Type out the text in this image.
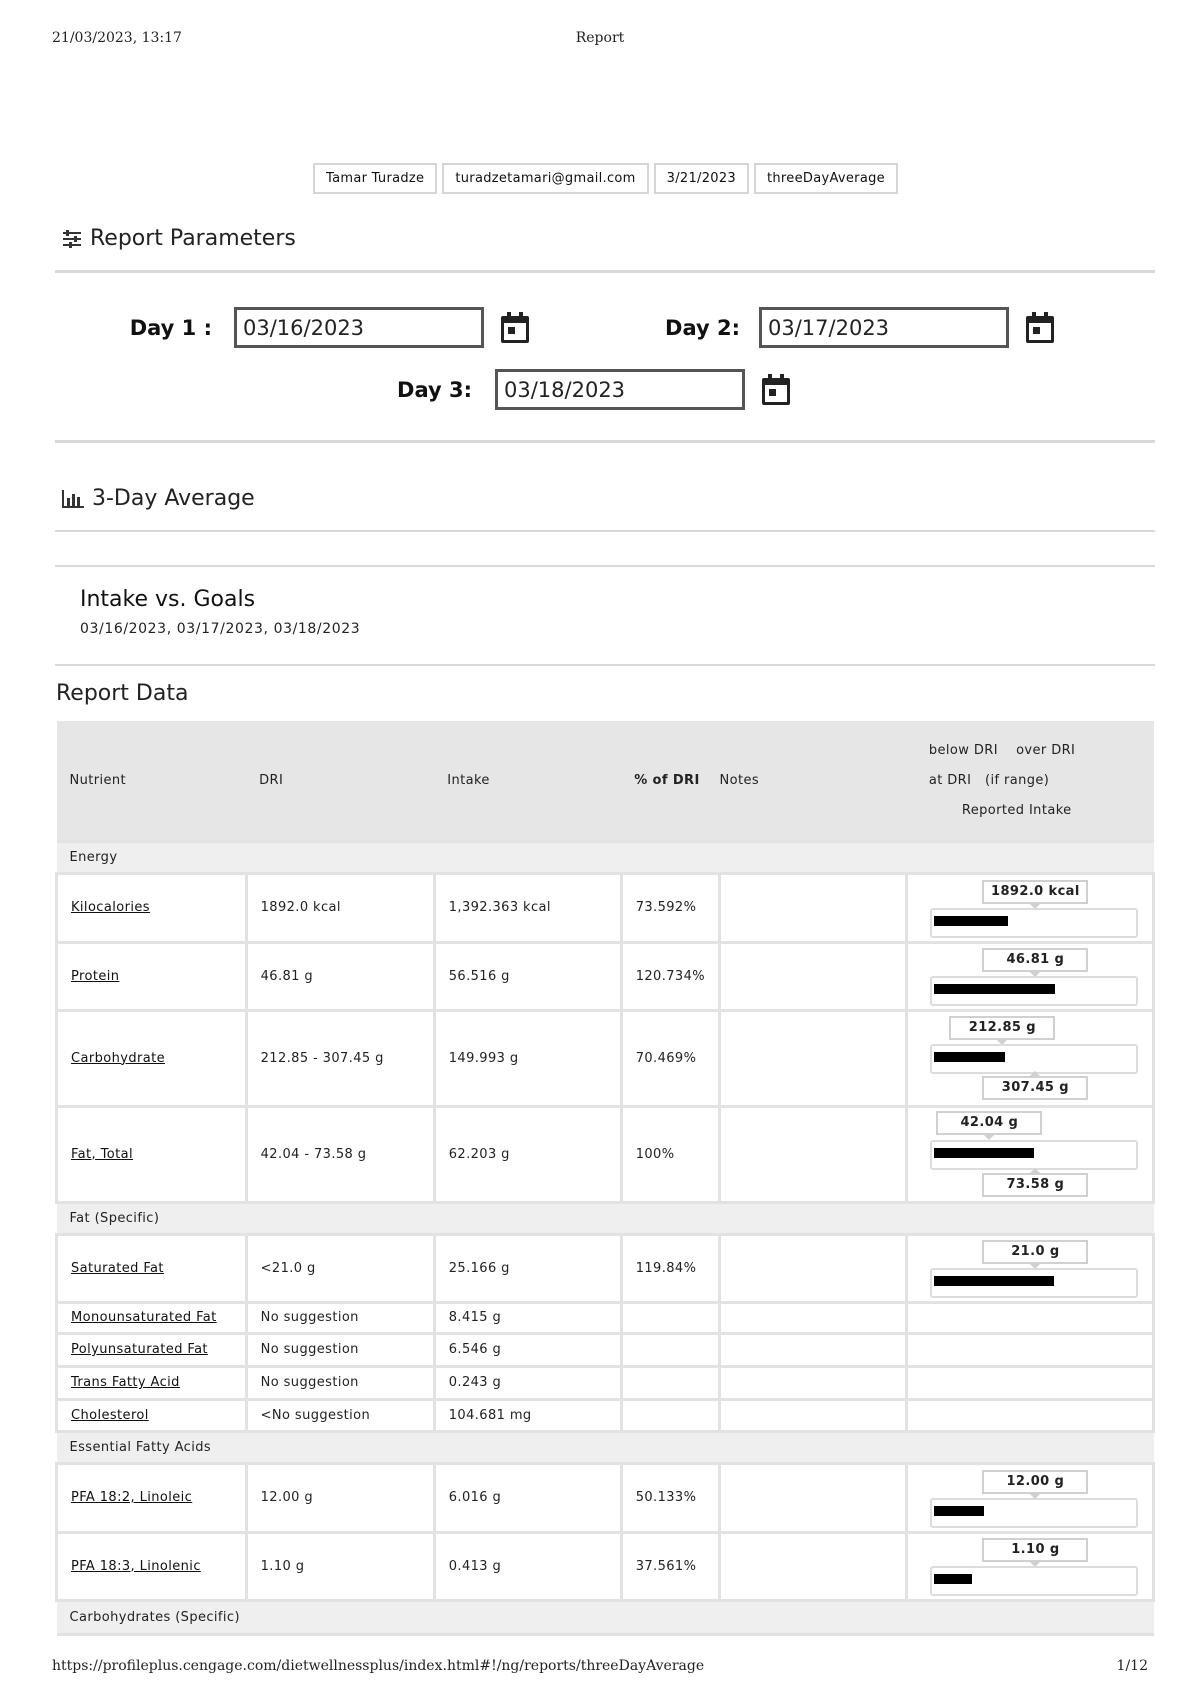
21/03/2023, 13:17	Report
Tamar Turadze	turadzetamari@gmail.com	3/21/2023	threeDayAverage
Report Parameters
Day 1 :
03/16/2023	Day 2:
03/17/2023
Day 3:
03/18/2023
3-Day Average
Intake vs. Goals
03/16/2023, 03/17/2023, 03/18/2023
Report Data
Nutrient	DRI	Intake	% of DRI	Notes	below DRI over DRI
at DRI (if range)
Reported Intake

Energy					
Kilocalories	1892.0 kcal	1,392.363 kcal	73.592%		1892.0 kcal

Protein	46.81 g	56.516 g	120.734%		46.81 g

Carbohydrate	212.85 - 307.45 g	149.993 g	70.469%		212.85 g
307.45 g

Fat, Total	42.04 - 73.58 g	62.203 g	100%		42.04 g
73.58 g

Fat (Specific)					
Saturated Fat	<21.0 g	25.166 g	119.84%		21.0 g

Monounsaturated Fat	No suggestion	8.415 g			
Polyunsaturated Fat	No suggestion	6.546 g			
Trans Fatty Acid	No suggestion	0.243 g			
Cholesterol	<No suggestion	104.681 mg			
Essential Fatty Acids					
PFA 18:2, Linoleic	12.00 g	6.016 g	50.133%		12.00 g

PFA 18:3, Linolenic	1.10 g	0.413 g	37.561%		1.10 g

Carbohydrates (Specific)					
https://profileplus.cengage.com/dietwellnessplus/index.html#!/ng/reports/threeDayAverage	1/12
